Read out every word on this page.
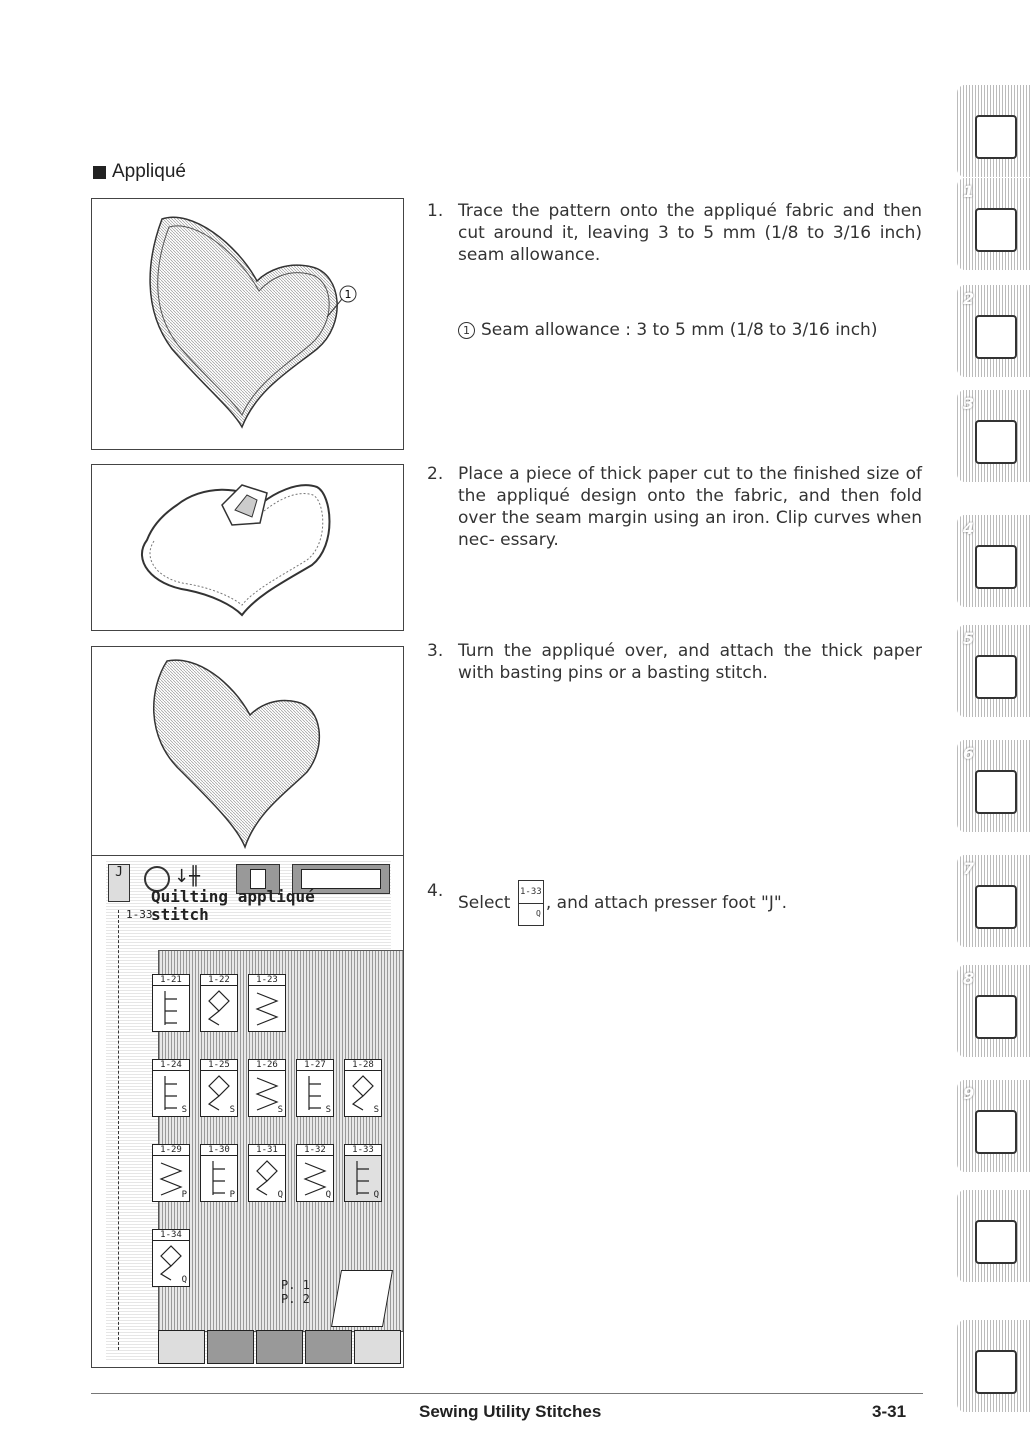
Appliqué
1
J	↓╫
1-33
Quilting appliqué
stitch
1-21	1-22	1-23
1-24
S
1-25
S
1-26
S
1-27
S
1-28
S
1-29
P
1-30
P
1-31
Q
1-32
Q
1-33
Q
1-34
Q	P. 1
P. 2
1. Trace the pattern onto the appliqué fabric and then cut around it, leaving 3 to 5 mm (1/8 to 3/16 inch) seam allowance.
1 Seam allowance : 3 to 5 mm (1/8 to 3/16 inch)
2. Place a piece of thick paper cut to the finished size of the appliqué design onto the fabric, and then fold over the seam margin using an iron. Clip curves when nec- essary.
3. Turn the appliqué over, and attach the thick paper with basting pins or a basting stitch.
4.
Select $\frac{1-33}{Q}$ , and attach presser foot "J".
Sewing Utility Stitches	3-31
1
2
3
4
5
6
7
8
9
